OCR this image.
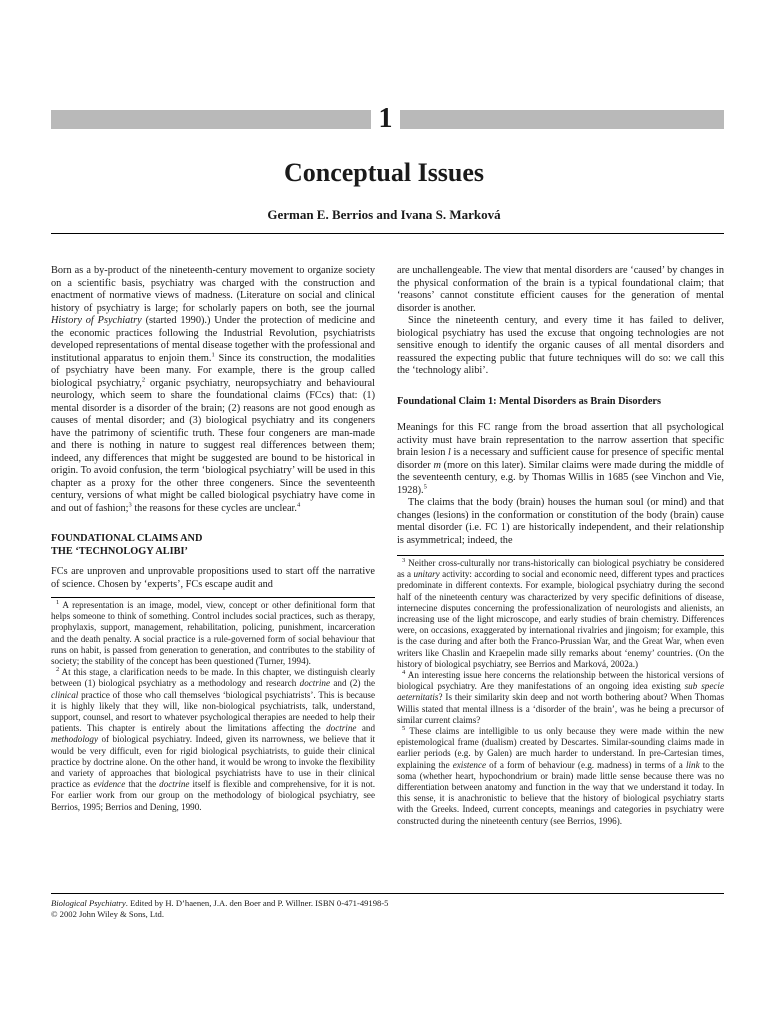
1
Conceptual Issues
German E. Berrios and Ivana S. Marková

Born as a by-product of the nineteenth-century movement to organize society on a scientific basis, psychiatry was charged with the construction and enactment of normative views of madness. (Literature on social and clinical history of psychiatry is large; for scholarly papers on both, see the journal History of Psychiatry (started 1990).) Under the protection of medicine and the economic practices following the Industrial Revolution, psychiatrists developed representations of mental disease together with the professional and institutional apparatus to enjoin them.$^1$ Since its construction, the modalities of psychiatry have been many. For example, there is the group called biological psychiatry,$^2$ organic psychiatry, neuropsychiatry and behavioural neurology, which seem to share the foundational claims (FCcs) that: (1) mental disorder is a disorder of the brain; (2) reasons are not good enough as causes of mental disorder; and (3) biological psychiatry and its congeners have the patrimony of scientific truth. These four congeners are man-made and there is nothing in nature to suggest real differences between them; indeed, any differences that might be suggested are bound to be historical in origin. To avoid confusion, the term ‘biological psychiatry’ will be used in this chapter as a proxy for the other three congeners. Since the seventeenth century, versions of what might be called biological psychiatry have come in and out of fashion;$^3$ the reasons for these cycles are unclear.$^4$

FOUNDATIONAL CLAIMS AND
THE ‘TECHNOLOGY ALIBI’

FCs are unproven and unprovable propositions used to start off the narrative of science. Chosen by ‘experts’, FCs escape audit and

$^1$ A representation is an image, model, view, concept or other definitional form that helps someone to think of something. Control includes social practices, such as therapy, prophylaxis, support, management, rehabilitation, policing, punishment, incarceration and the death penalty. A social practice is a rule-governed form of social behaviour that runs on habit, is passed from generation to generation, and contributes to the stability of society; the stability of the concept has been questioned (Turner, 1994).

$^2$ At this stage, a clarification needs to be made. In this chapter, we distinguish clearly between (1) biological psychiatry as a methodology and research doctrine and (2) the clinical practice of those who call themselves ‘biological psychiatrists’. This is because it is highly likely that they will, like non-biological psychiatrists, talk, understand, support, counsel, and resort to whatever psychological therapies are needed to help their patients. This chapter is entirely about the limitations affecting the doctrine and methodology of biological psychiatry. Indeed, given its narrowness, we believe that it would be very difficult, even for rigid biological psychiatrists, to guide their clinical practice by doctrine alone. On the other hand, it would be wrong to invoke the flexibility and variety of approaches that biological psychiatrists have to use in their clinical practice as evidence that the doctrine itself is flexible and comprehensive, for it is not. For earlier work from our group on the methodology of biological psychiatry, see Berrios, 1995; Berrios and Dening, 1990.

are unchallengeable. The view that mental disorders are ‘caused’ by changes in the physical conformation of the brain is a typical foundational claim; that ‘reasons’ cannot constitute efficient causes for the generation of mental disorder is another.

Since the nineteenth century, and every time it has failed to deliver, biological psychiatry has used the excuse that ongoing technologies are not sensitive enough to identify the organic causes of all mental disorders and reassured the expecting public that future techniques will do so: we call this the ‘technology alibi’.

Foundational Claim 1: Mental Disorders as Brain Disorders

Meanings for this FC range from the broad assertion that all psychological activity must have brain representation to the narrow assertion that specific brain lesion l is a necessary and sufficient cause for presence of specific mental disorder m (more on this later). Similar claims were made during the middle of the seventeenth century, e.g. by Thomas Willis in 1685 (see Vinchon and Vie, 1928).$^5$

The claims that the body (brain) houses the human soul (or mind) and that changes (lesions) in the conformation or constitution of the body (brain) cause mental disorder (i.e. FC 1) are historically independent, and their relationship is asymmetrical; indeed, the

$^3$ Neither cross-culturally nor trans-historically can biological psychiatry be considered as a unitary activity: according to social and economic need, different types and practices predominate in different contexts. For example, biological psychiatry during the second half of the nineteenth century was characterized by very specific definitions of disease, internecine disputes concerning the professionalization of neurologists and alienists, an increasing use of the light microscope, and early studies of brain chemistry. Differences were, on occasions, exaggerated by international rivalries and jingoism; for example, this is the case during and after both the Franco-Prussian War, and the Great War, when even writers like Chaslin and Kraepelin made silly remarks about ‘enemy’ countries. (On the history of biological psychiatry, see Berrios and Marková, 2002a.)

$^4$ An interesting issue here concerns the relationship between the historical versions of biological psychiatry. Are they manifestations of an ongoing idea existing sub specie aeternitatis? Is their similarity skin deep and not worth bothering about? When Thomas Willis stated that mental illness is a ‘disorder of the brain’, was he being a precursor of similar current claims?

$^5$ These claims are intelligible to us only because they were made within the new epistemological frame (dualism) created by Descartes. Similar-sounding claims made in earlier periods (e.g. by Galen) are much harder to understand. In pre-Cartesian times, explaining the existence of a form of behaviour (e.g. madness) in terms of a link to the soma (whether heart, hypochondrium or brain) made little sense because there was no differentiation between anatomy and function in the way that we understand it today. In this sense, it is anachronistic to believe that the history of biological psychiatry starts with the Greeks. Indeed, current concepts, meanings and categories in psychiatry were constructed during the nineteenth century (see Berrios, 1996).

Biological Psychiatry. Edited by H. D’haenen, J.A. den Boer and P. Willner. ISBN 0-471-49198-5

© 2002 John Wiley & Sons, Ltd.
